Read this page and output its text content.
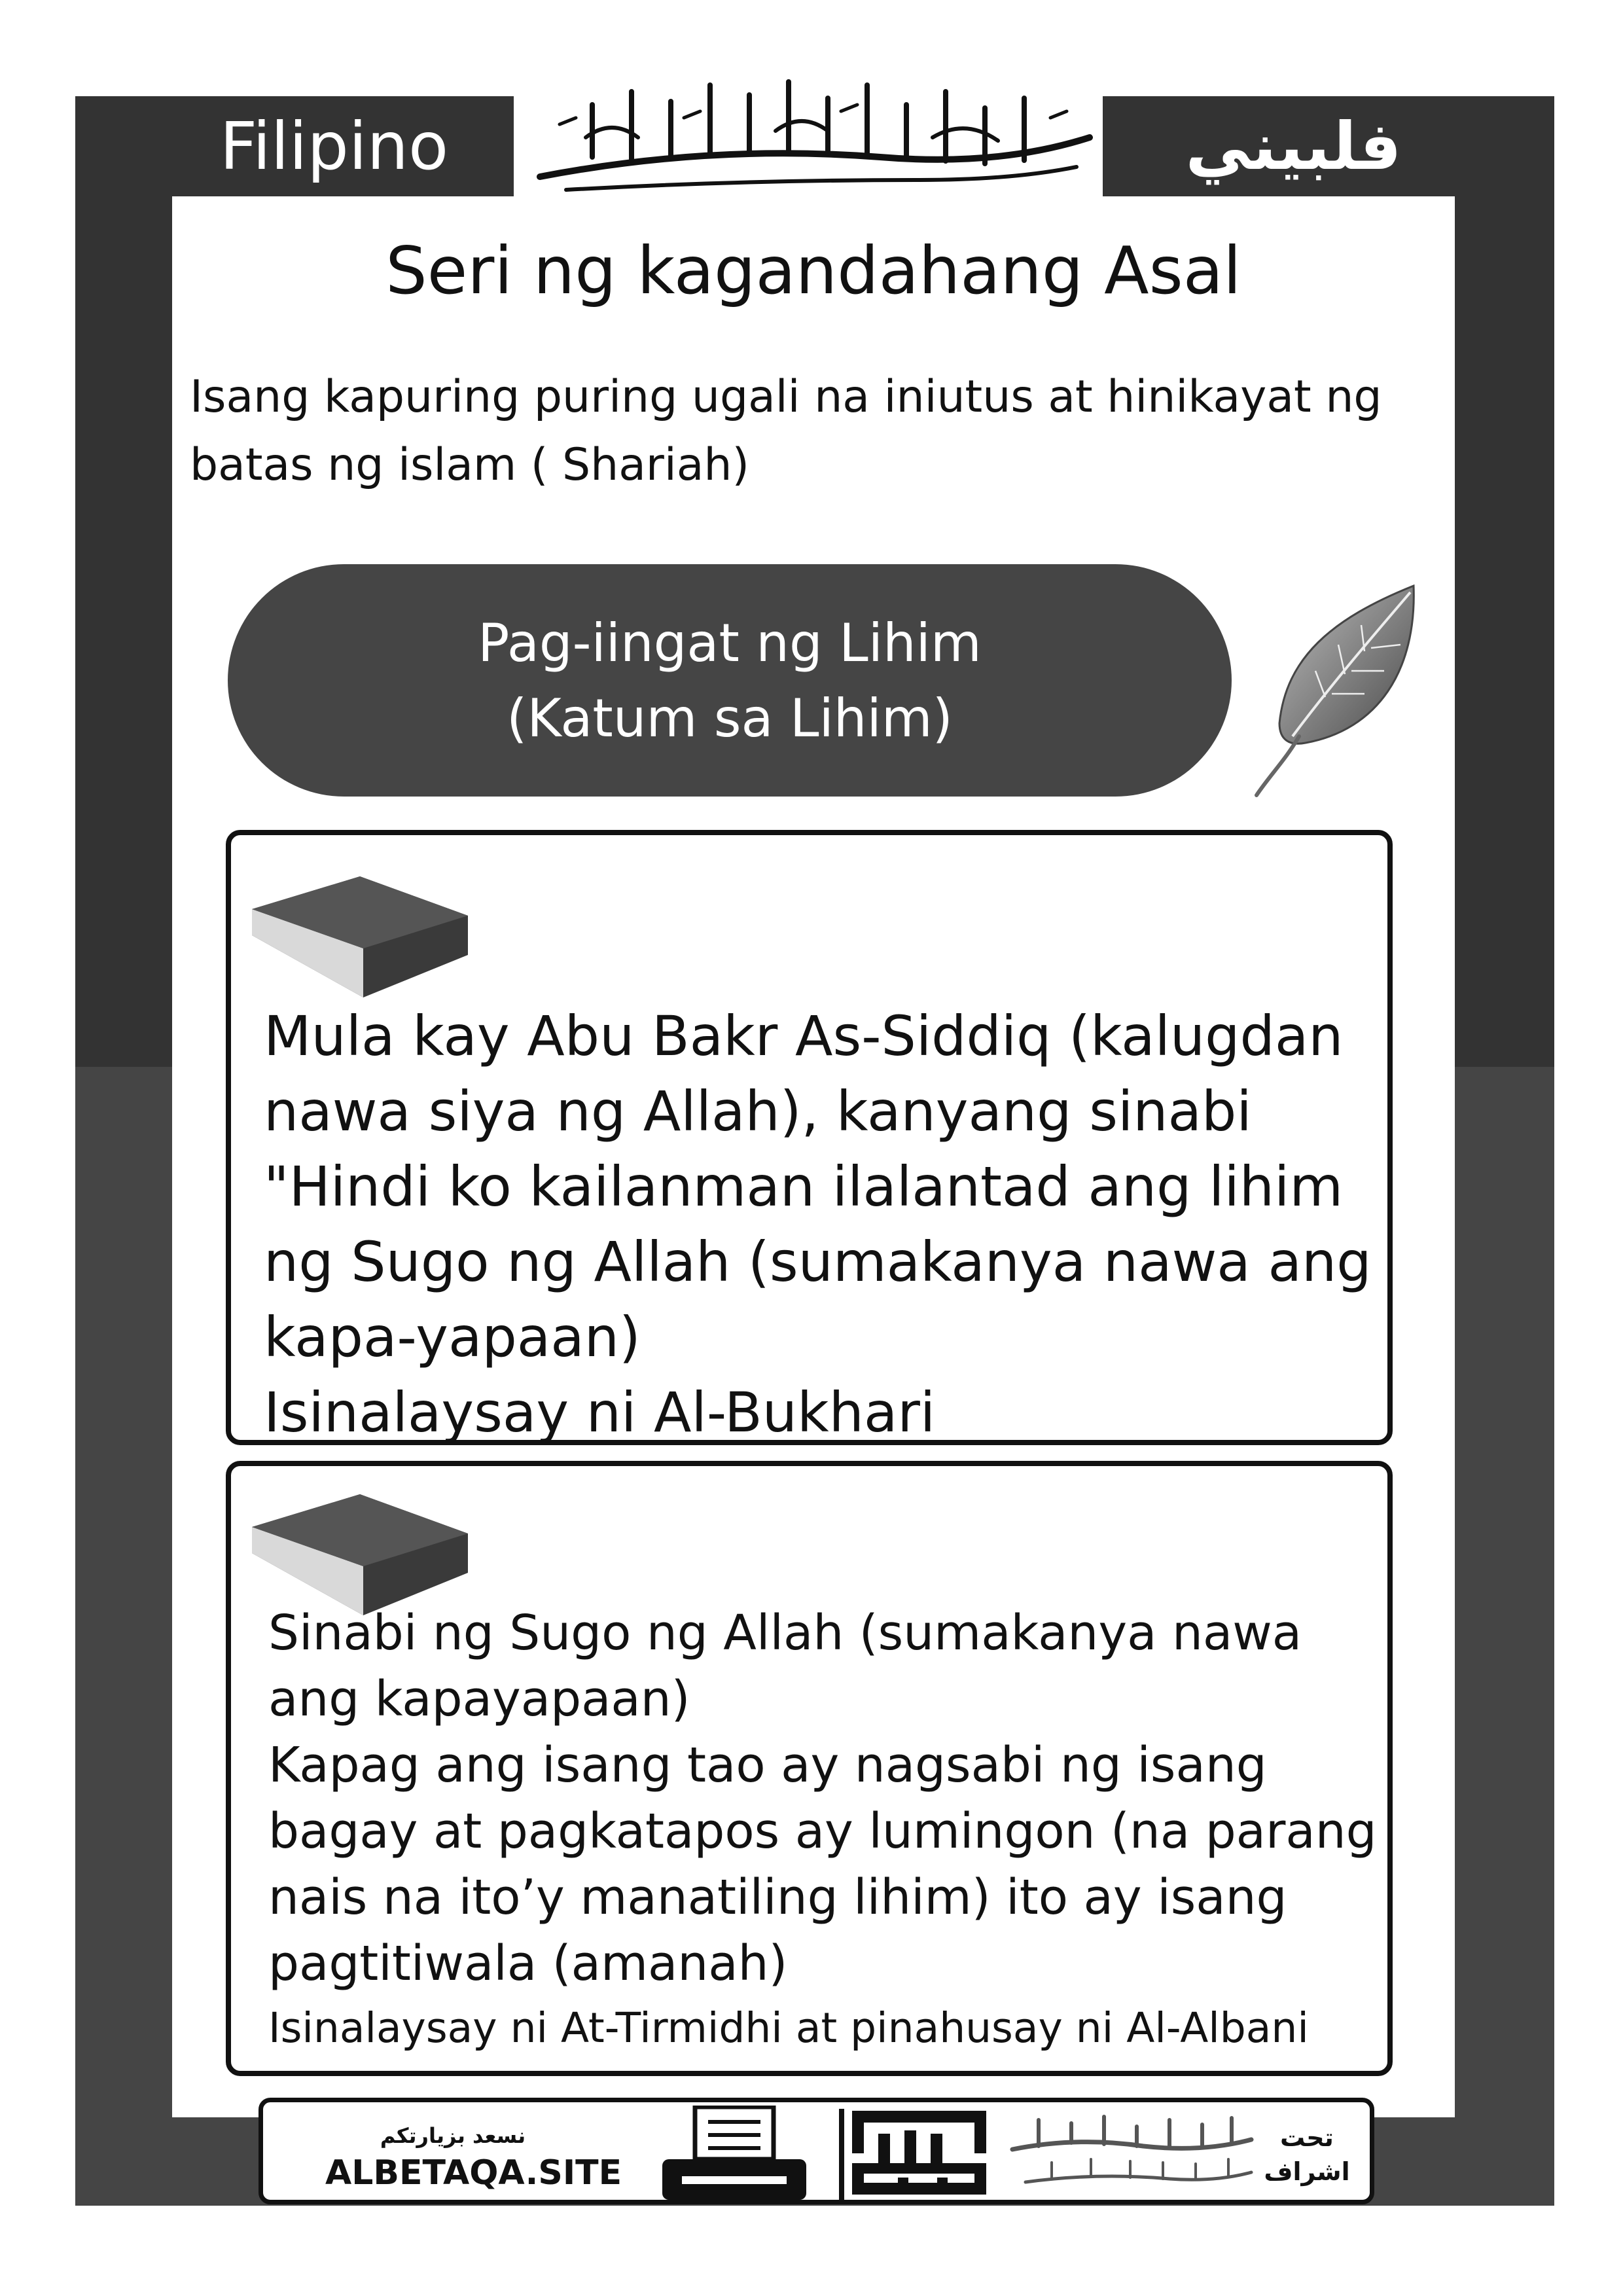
Filipino	فلبيني
Seri ng kagandahang Asal
Isang kapuring puring ugali na iniutus at hinikayat ng batas ng islam ( Shariah)
Pag-iingat ng Lihim
(Katum sa Lihim)
Mula kay Abu Bakr As-Siddiq (kalugdan nawa siya ng Allah), kanyang sinabi "Hindi ko kailanman ilalantad ang lihim ng Sugo ng Allah (sumakanya nawa ang kapa-yapaan)
Isinalaysay ni Al-Bukhari
Sinabi ng Sugo ng Allah (sumakanya nawa ang kapayapaan)
Kapag ang isang tao ay nagsabi ng isang bagay at pagkatapos ay lumingon (na parang nais na ito’y manatiling lihim) ito ay isang pagtitiwala (amanah)

Isinalaysay ni At-Tirmidhi at pinahusay ni Al-Albani
نسعد بزيارتكم
ALBETAQA.SITE
تحت اشراف
